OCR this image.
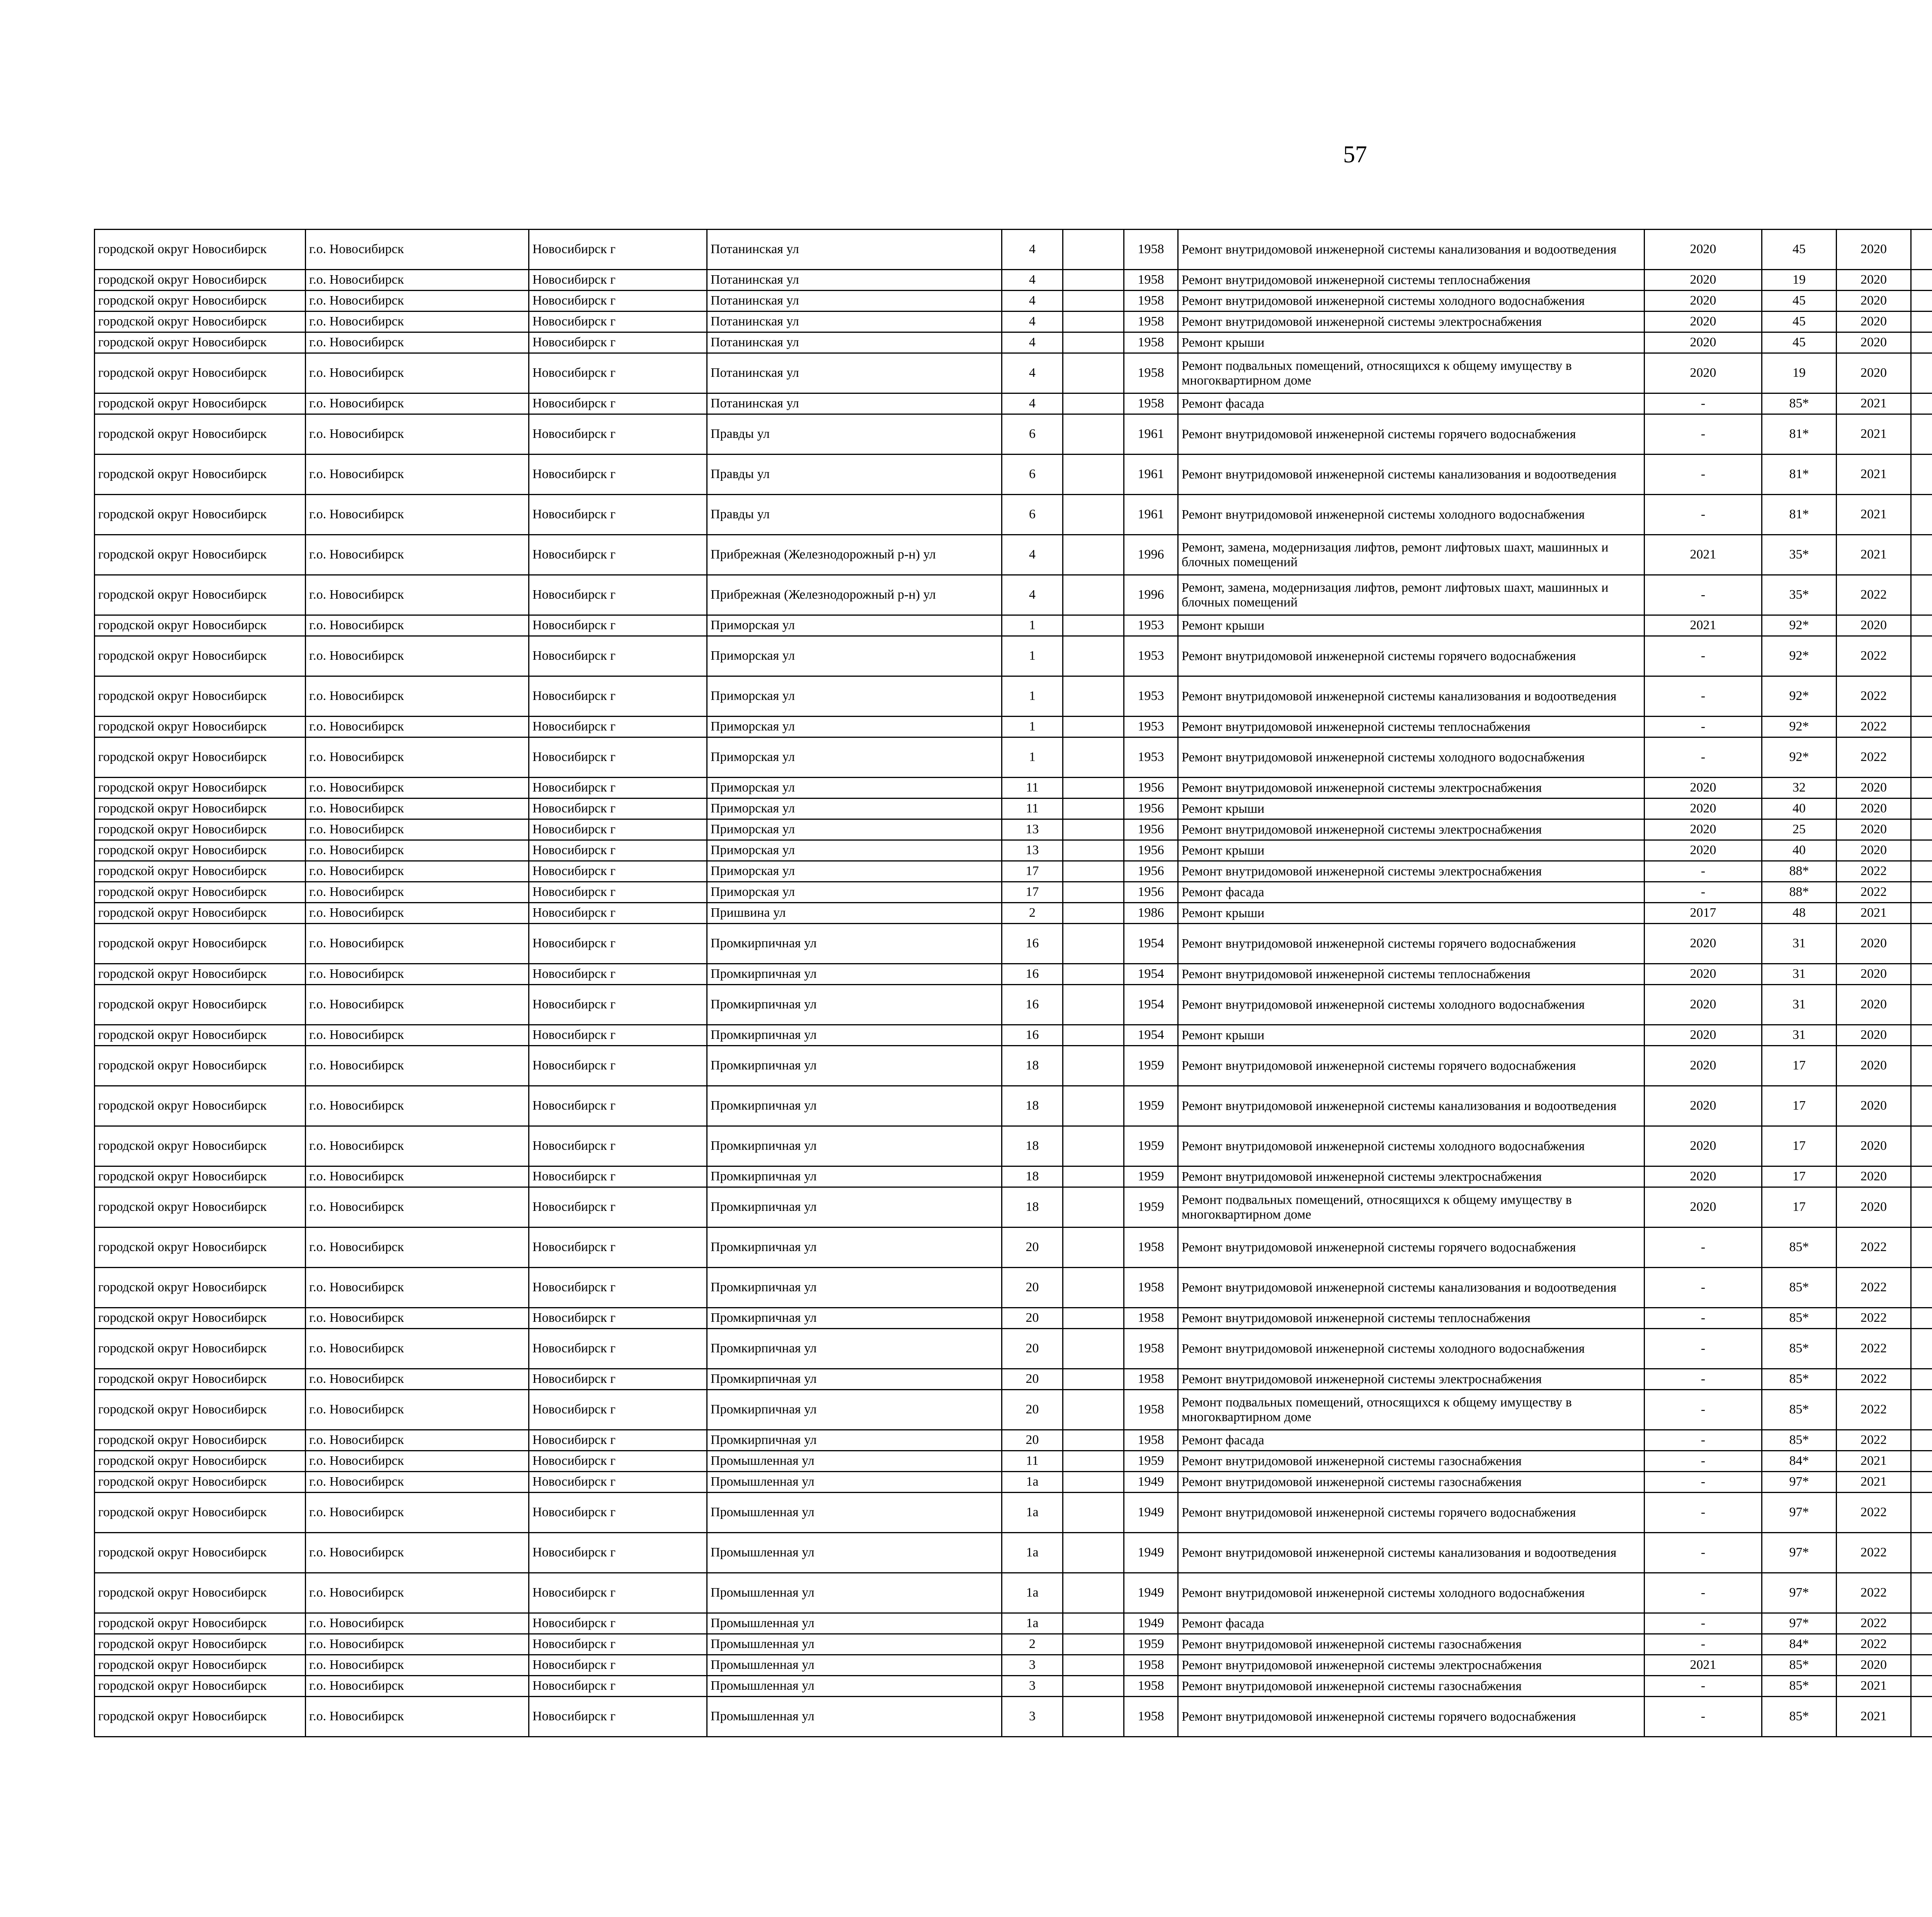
57
городской округ Новосибирск	г.о. Новосибирск	Новосибирск г	Потанинская ул	4		1958	Ремонт внутридомовой инженерной системы канализования и водоотведения	2020	45	2020						
городской округ Новосибирск	г.о. Новосибирск	Новосибирск г	Потанинская ул	4		1958	Ремонт внутридомовой инженерной системы теплоснабжения	2020	19	2020						
городской округ Новосибирск	г.о. Новосибирск	Новосибирск г	Потанинская ул	4		1958	Ремонт внутридомовой инженерной системы холодного водоснабжения	2020	45	2020						
городской округ Новосибирск	г.о. Новосибирск	Новосибирск г	Потанинская ул	4		1958	Ремонт внутридомовой инженерной системы электроснабжения	2020	45	2020						
городской округ Новосибирск	г.о. Новосибирск	Новосибирск г	Потанинская ул	4		1958	Ремонт крыши	2020	45	2020						
городской округ Новосибирск	г.о. Новосибирск	Новосибирск г	Потанинская ул	4		1958	Ремонт подвальных помещений, относящихся к общему имуществу в многоквартирном доме	2020	19	2020						
городской округ Новосибирск	г.о. Новосибирск	Новосибирск г	Потанинская ул	4		1958	Ремонт фасада	-	85*	2021						
городской округ Новосибирск	г.о. Новосибирск	Новосибирск г	Правды ул	6		1961	Ремонт внутридомовой инженерной системы горячего водоснабжения	-	81*	2021						
городской округ Новосибирск	г.о. Новосибирск	Новосибирск г	Правды ул	6		1961	Ремонт внутридомовой инженерной системы канализования и водоотведения	-	81*	2021						
городской округ Новосибирск	г.о. Новосибирск	Новосибирск г	Правды ул	6		1961	Ремонт внутридомовой инженерной системы холодного водоснабжения	-	81*	2021						
городской округ Новосибирск	г.о. Новосибирск	Новосибирск г	Прибрежная (Железнодорожный р-н) ул	4		1996	Ремонт, замена, модернизация лифтов, ремонт лифтовых шахт, машинных и блочных помещений	2021	35*	2021						
городской округ Новосибирск	г.о. Новосибирск	Новосибирск г	Прибрежная (Железнодорожный р-н) ул	4		1996	Ремонт, замена, модернизация лифтов, ремонт лифтовых шахт, машинных и блочных помещений	-	35*	2022						
городской округ Новосибирск	г.о. Новосибирск	Новосибирск г	Приморская ул	1		1953	Ремонт крыши	2021	92*	2020						
городской округ Новосибирск	г.о. Новосибирск	Новосибирск г	Приморская ул	1		1953	Ремонт внутридомовой инженерной системы горячего водоснабжения	-	92*	2022						
городской округ Новосибирск	г.о. Новосибирск	Новосибирск г	Приморская ул	1		1953	Ремонт внутридомовой инженерной системы канализования и водоотведения	-	92*	2022						
городской округ Новосибирск	г.о. Новосибирск	Новосибирск г	Приморская ул	1		1953	Ремонт внутридомовой инженерной системы теплоснабжения	-	92*	2022						
городской округ Новосибирск	г.о. Новосибирск	Новосибирск г	Приморская ул	1		1953	Ремонт внутридомовой инженерной системы холодного водоснабжения	-	92*	2022						
городской округ Новосибирск	г.о. Новосибирск	Новосибирск г	Приморская ул	11		1956	Ремонт внутридомовой инженерной системы электроснабжения	2020	32	2020						
городской округ Новосибирск	г.о. Новосибирск	Новосибирск г	Приморская ул	11		1956	Ремонт крыши	2020	40	2020						
городской округ Новосибирск	г.о. Новосибирск	Новосибирск г	Приморская ул	13		1956	Ремонт внутридомовой инженерной системы электроснабжения	2020	25	2020						
городской округ Новосибирск	г.о. Новосибирск	Новосибирск г	Приморская ул	13		1956	Ремонт крыши	2020	40	2020						
городской округ Новосибирск	г.о. Новосибирск	Новосибирск г	Приморская ул	17		1956	Ремонт внутридомовой инженерной системы электроснабжения	-	88*	2022						
городской округ Новосибирск	г.о. Новосибирск	Новосибирск г	Приморская ул	17		1956	Ремонт фасада	-	88*	2022						
городской округ Новосибирск	г.о. Новосибирск	Новосибирск г	Пришвина ул	2		1986	Ремонт крыши	2017	48	2021						
городской округ Новосибирск	г.о. Новосибирск	Новосибирск г	Промкирпичная ул	16		1954	Ремонт внутридомовой инженерной системы горячего водоснабжения	2020	31	2020						
городской округ Новосибирск	г.о. Новосибирск	Новосибирск г	Промкирпичная ул	16		1954	Ремонт внутридомовой инженерной системы теплоснабжения	2020	31	2020						
городской округ Новосибирск	г.о. Новосибирск	Новосибирск г	Промкирпичная ул	16		1954	Ремонт внутридомовой инженерной системы холодного водоснабжения	2020	31	2020						
городской округ Новосибирск	г.о. Новосибирск	Новосибирск г	Промкирпичная ул	16		1954	Ремонт крыши	2020	31	2020						
городской округ Новосибирск	г.о. Новосибирск	Новосибирск г	Промкирпичная ул	18		1959	Ремонт внутридомовой инженерной системы горячего водоснабжения	2020	17	2020						
городской округ Новосибирск	г.о. Новосибирск	Новосибирск г	Промкирпичная ул	18		1959	Ремонт внутридомовой инженерной системы канализования и водоотведения	2020	17	2020						
городской округ Новосибирск	г.о. Новосибирск	Новосибирск г	Промкирпичная ул	18		1959	Ремонт внутридомовой инженерной системы холодного водоснабжения	2020	17	2020						
городской округ Новосибирск	г.о. Новосибирск	Новосибирск г	Промкирпичная ул	18		1959	Ремонт внутридомовой инженерной системы электроснабжения	2020	17	2020						
городской округ Новосибирск	г.о. Новосибирск	Новосибирск г	Промкирпичная ул	18		1959	Ремонт подвальных помещений, относящихся к общему имуществу в многоквартирном доме	2020	17	2020						
городской округ Новосибирск	г.о. Новосибирск	Новосибирск г	Промкирпичная ул	20		1958	Ремонт внутридомовой инженерной системы горячего водоснабжения	-	85*	2022						
городской округ Новосибирск	г.о. Новосибирск	Новосибирск г	Промкирпичная ул	20		1958	Ремонт внутридомовой инженерной системы канализования и водоотведения	-	85*	2022						
городской округ Новосибирск	г.о. Новосибирск	Новосибирск г	Промкирпичная ул	20		1958	Ремонт внутридомовой инженерной системы теплоснабжения	-	85*	2022						
городской округ Новосибирск	г.о. Новосибирск	Новосибирск г	Промкирпичная ул	20		1958	Ремонт внутридомовой инженерной системы холодного водоснабжения	-	85*	2022						
городской округ Новосибирск	г.о. Новосибирск	Новосибирск г	Промкирпичная ул	20		1958	Ремонт внутридомовой инженерной системы электроснабжения	-	85*	2022						
городской округ Новосибирск	г.о. Новосибирск	Новосибирск г	Промкирпичная ул	20		1958	Ремонт подвальных помещений, относящихся к общему имуществу в многоквартирном доме	-	85*	2022						
городской округ Новосибирск	г.о. Новосибирск	Новосибирск г	Промкирпичная ул	20		1958	Ремонт фасада	-	85*	2022						
городской округ Новосибирск	г.о. Новосибирск	Новосибирск г	Промышленная ул	11		1959	Ремонт внутридомовой инженерной системы газоснабжения	-	84*	2021						
городской округ Новосибирск	г.о. Новосибирск	Новосибирск г	Промышленная ул	1а		1949	Ремонт внутридомовой инженерной системы газоснабжения	-	97*	2021						
городской округ Новосибирск	г.о. Новосибирск	Новосибирск г	Промышленная ул	1а		1949	Ремонт внутридомовой инженерной системы горячего водоснабжения	-	97*	2022						
городской округ Новосибирск	г.о. Новосибирск	Новосибирск г	Промышленная ул	1а		1949	Ремонт внутридомовой инженерной системы канализования и водоотведения	-	97*	2022						
городской округ Новосибирск	г.о. Новосибирск	Новосибирск г	Промышленная ул	1а		1949	Ремонт внутридомовой инженерной системы холодного водоснабжения	-	97*	2022						
городской округ Новосибирск	г.о. Новосибирск	Новосибирск г	Промышленная ул	1а		1949	Ремонт фасада	-	97*	2022						
городской округ Новосибирск	г.о. Новосибирск	Новосибирск г	Промышленная ул	2		1959	Ремонт внутридомовой инженерной системы газоснабжения	-	84*	2022						
городской округ Новосибирск	г.о. Новосибирск	Новосибирск г	Промышленная ул	3		1958	Ремонт внутридомовой инженерной системы электроснабжения	2021	85*	2020						
городской округ Новосибирск	г.о. Новосибирск	Новосибирск г	Промышленная ул	3		1958	Ремонт внутридомовой инженерной системы газоснабжения	-	85*	2021						
городской округ Новосибирск	г.о. Новосибирск	Новосибирск г	Промышленная ул	3		1958	Ремонт внутридомовой инженерной системы горячего водоснабжения	-	85*	2021						
